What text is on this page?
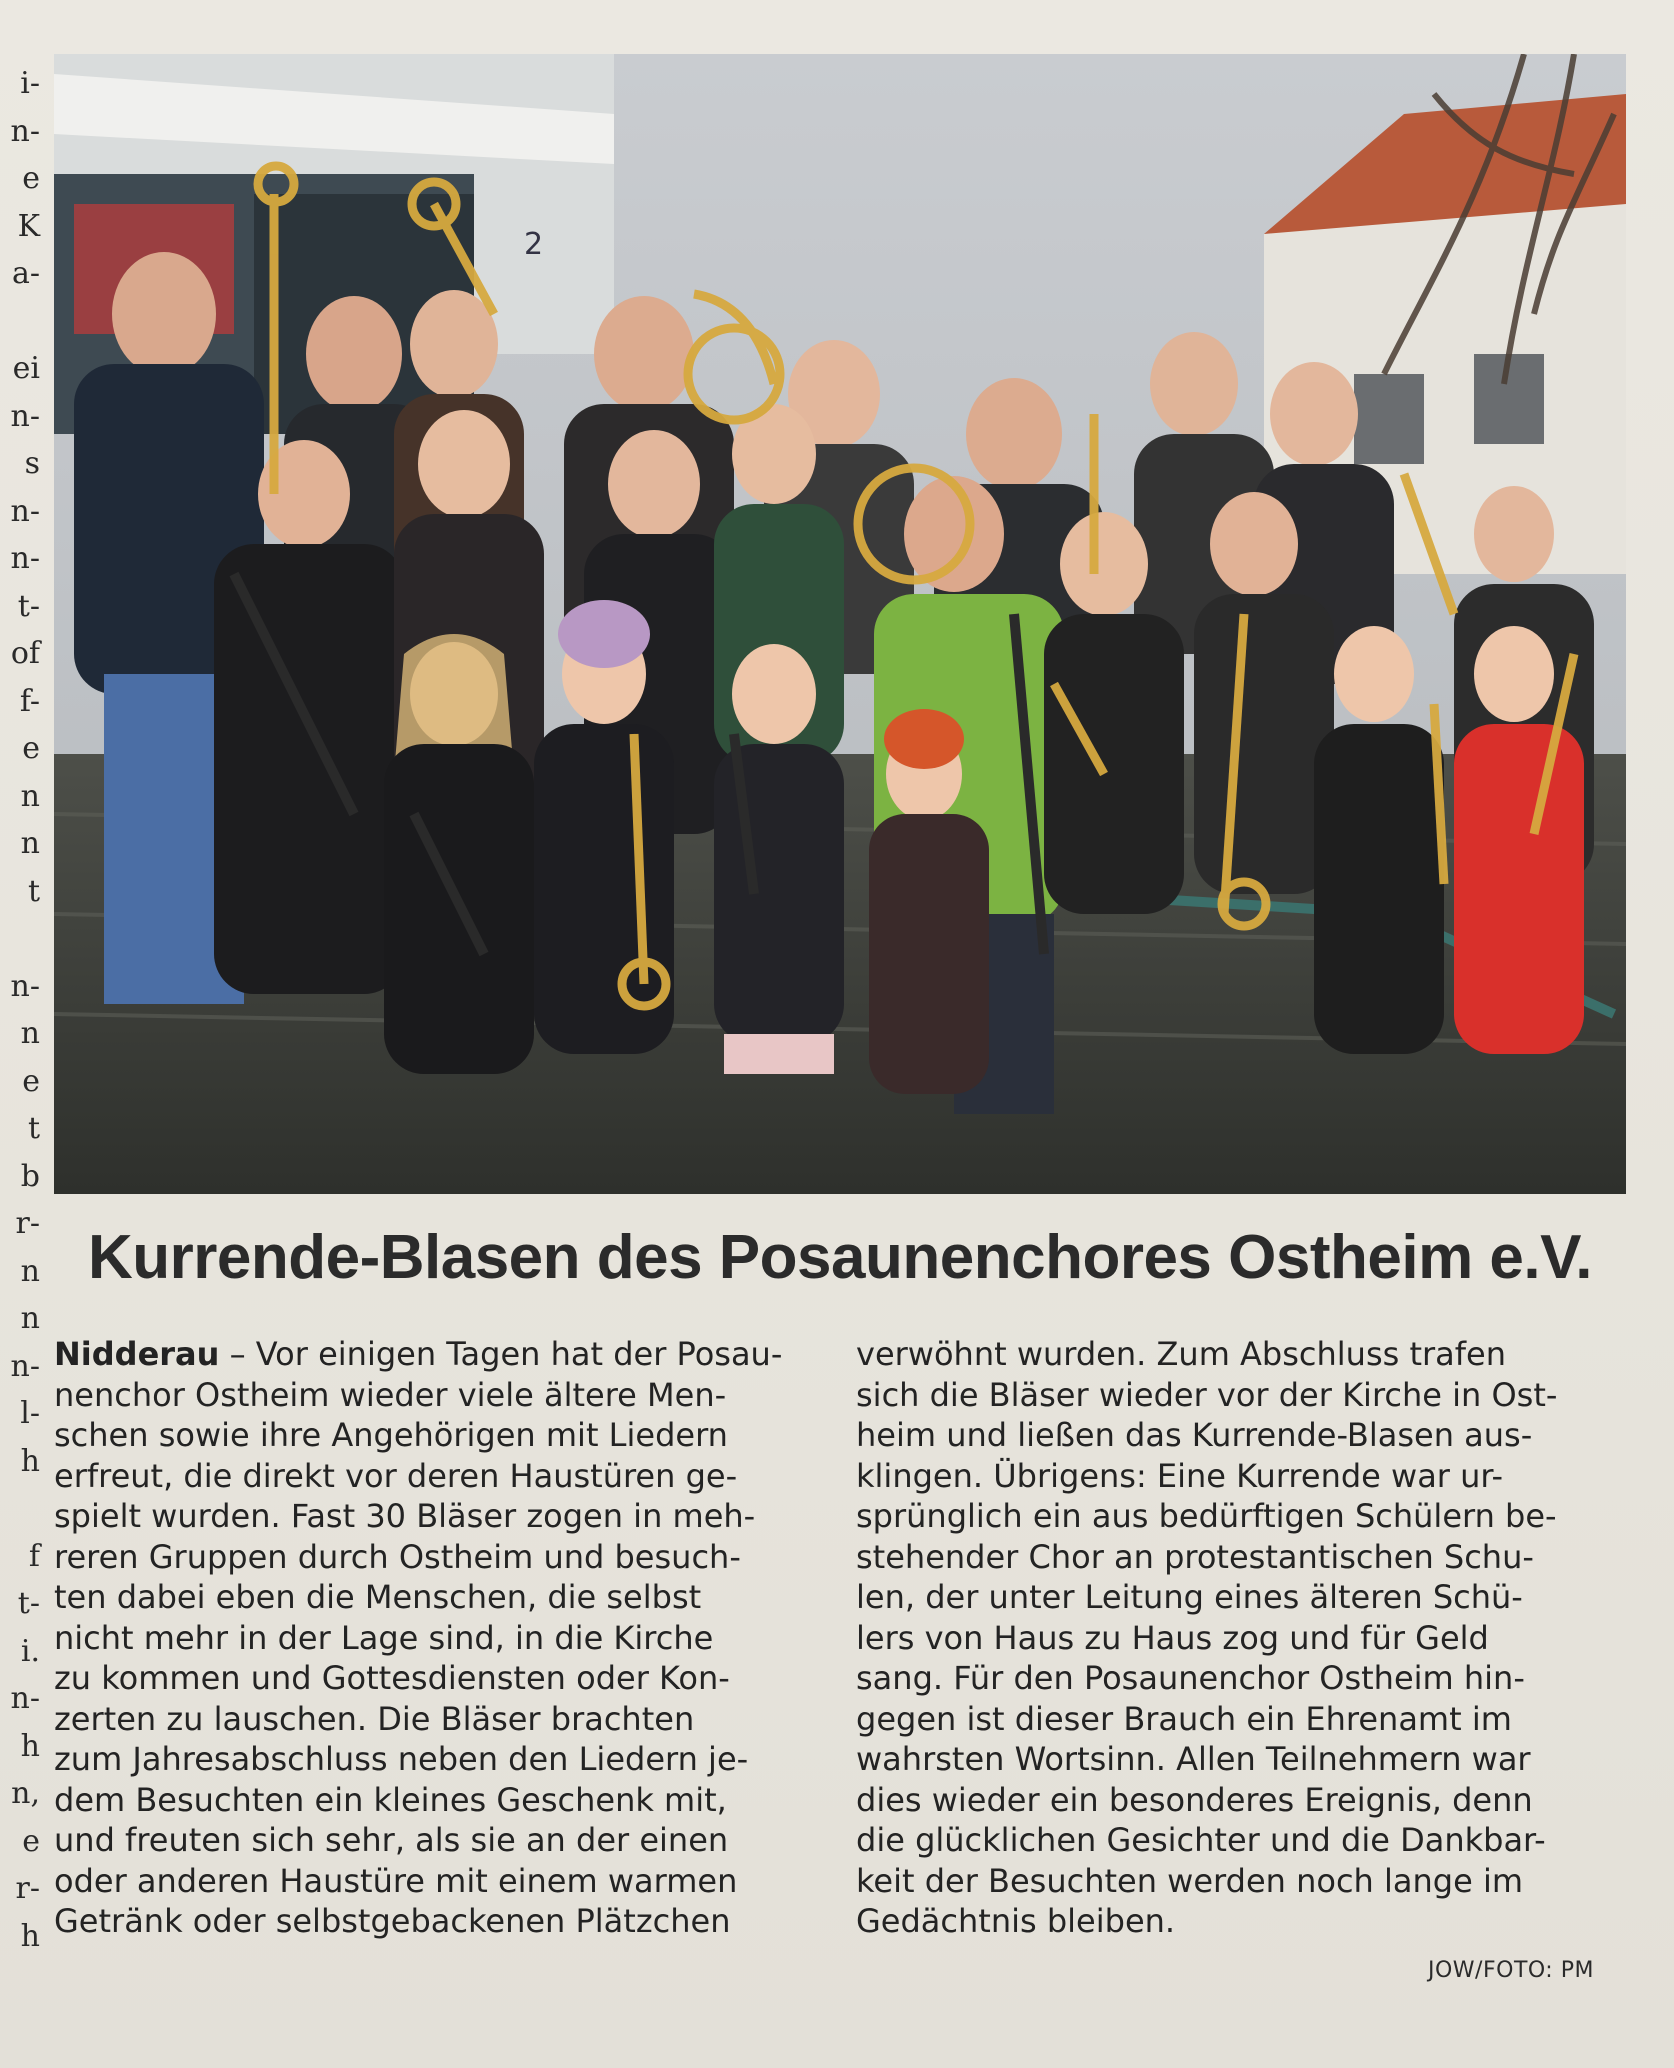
i-
n-
e
K
a-
ei
n-
s
n-
n-
t-
of
f-
e
n
n
t
n-
n
e
t
b
r-
n
n
n-
l-
h
f
t-
i.
n-
h
n,
e
r-
h
2
Kurrende-Blasen des Posaunenchores Ostheim e.V.
Nidderau – Vor einigen Tagen hat der Posau-
nenchor Ostheim wieder viele ältere Men-
schen sowie ihre Angehörigen mit Liedern
erfreut, die direkt vor deren Haustüren ge-
spielt wurden. Fast 30 Bläser zogen in meh-
reren Gruppen durch Ostheim und besuch-
ten dabei eben die Menschen, die selbst
nicht mehr in der Lage sind, in die Kirche
zu kommen und Gottesdiensten oder Kon-
zerten zu lauschen. Die Bläser brachten
zum Jahresabschluss neben den Liedern je-
dem Besuchten ein kleines Geschenk mit,
und freuten sich sehr, als sie an der einen
oder anderen Haustüre mit einem warmen
Getränk oder selbstgebackenen Plätzchen
verwöhnt wurden. Zum Abschluss trafen
sich die Bläser wieder vor der Kirche in Ost-
heim und ließen das Kurrende-Blasen aus-
klingen. Übrigens: Eine Kurrende war ur-
sprünglich ein aus bedürftigen Schülern be-
stehender Chor an protestantischen Schu-
len, der unter Leitung eines älteren Schü-
lers von Haus zu Haus zog und für Geld
sang. Für den Posaunenchor Ostheim hin-
gegen ist dieser Brauch ein Ehrenamt im
wahrsten Wortsinn. Allen Teilnehmern war
dies wieder ein besonderes Ereignis, denn
die glücklichen Gesichter und die Dankbar-
keit der Besuchten werden noch lange im
Gedächtnis bleiben.
JOW/FOTO: PM
